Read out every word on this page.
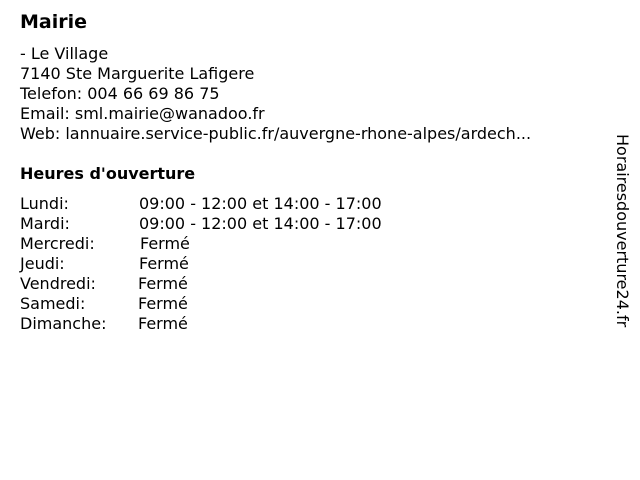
Mairie
- Le Village
7140 Ste Marguerite Lafigere
Telefon: 004 66 69 86 75
Email: sml.mairie@wanadoo.fr
Web: lannuaire.service-public.fr/auvergne-rhone-alpes/ardech...
Heures d'ouverture
Lundi:	09:00 - 12:00 et 14:00 - 17:00
Mardi:	09:00 - 12:00 et 14:00 - 17:00
Mercredi:	Fermé
Jeudi:	Fermé
Vendredi:	Fermé
Samedi:	Fermé
Dimanche:	Fermé	Horairesdouverture24.fr
